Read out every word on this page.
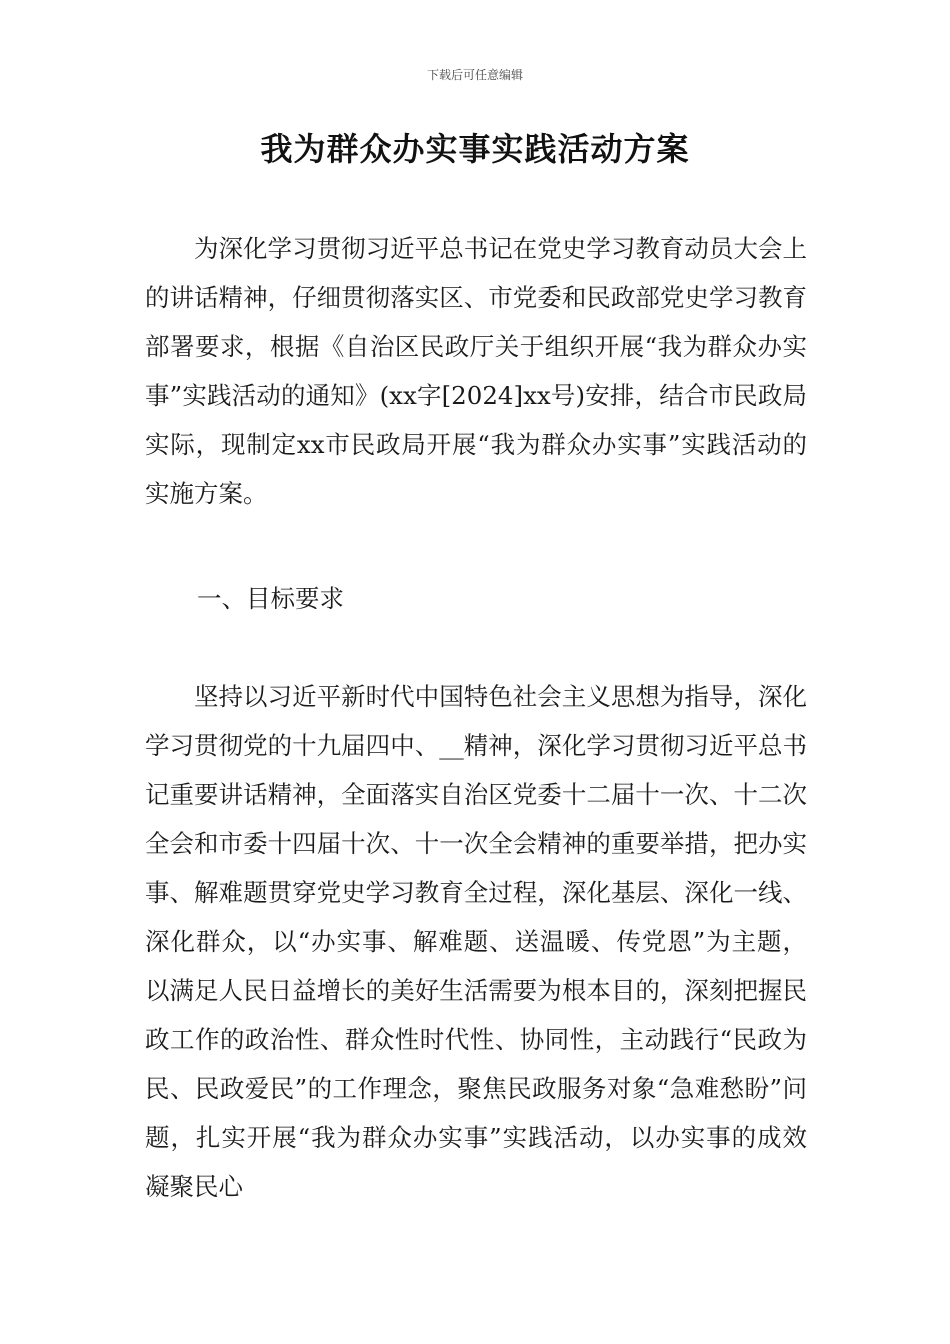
下载后可任意编辑
我为群众办实事实践活动方案

为深化学习贯彻习近平总书记在党史学习教育动员大会上的讲话精神，仔细贯彻落实区、市党委和民政部党史学习教育部署要求，根据《自治区民政厅关于组织开展“我为群众办实事”实践活动的通知》(xx字[2024]xx号)安排，结合市民政局实际，现制定xx市民政局开展“我为群众办实事”实践活动的实施方案。

一、目标要求

坚持以习近平新时代中国特色社会主义思想为指导，深化学习贯彻党的十九届四中、__精神，深化学习贯彻习近平总书记重要讲话精神，全面落实自治区党委十二届十一次、十二次全会和市委十四届十次、十一次全会精神的重要举措，把办实事、解难题贯穿党史学习教育全过程，深化基层、深化一线、深化群众，以“办实事、解难题、送温暖、传党恩”为主题，以满足人民日益增长的美好生活需要为根本目的，深刻把握民政工作的政治性、群众性时代性、协同性，主动践行“民政为民、民政爱民”的工作理念，聚焦民政服务对象“急难愁盼”问题，扎实开展“我为群众办实事”实践活动，以办实事的成效凝聚民心
